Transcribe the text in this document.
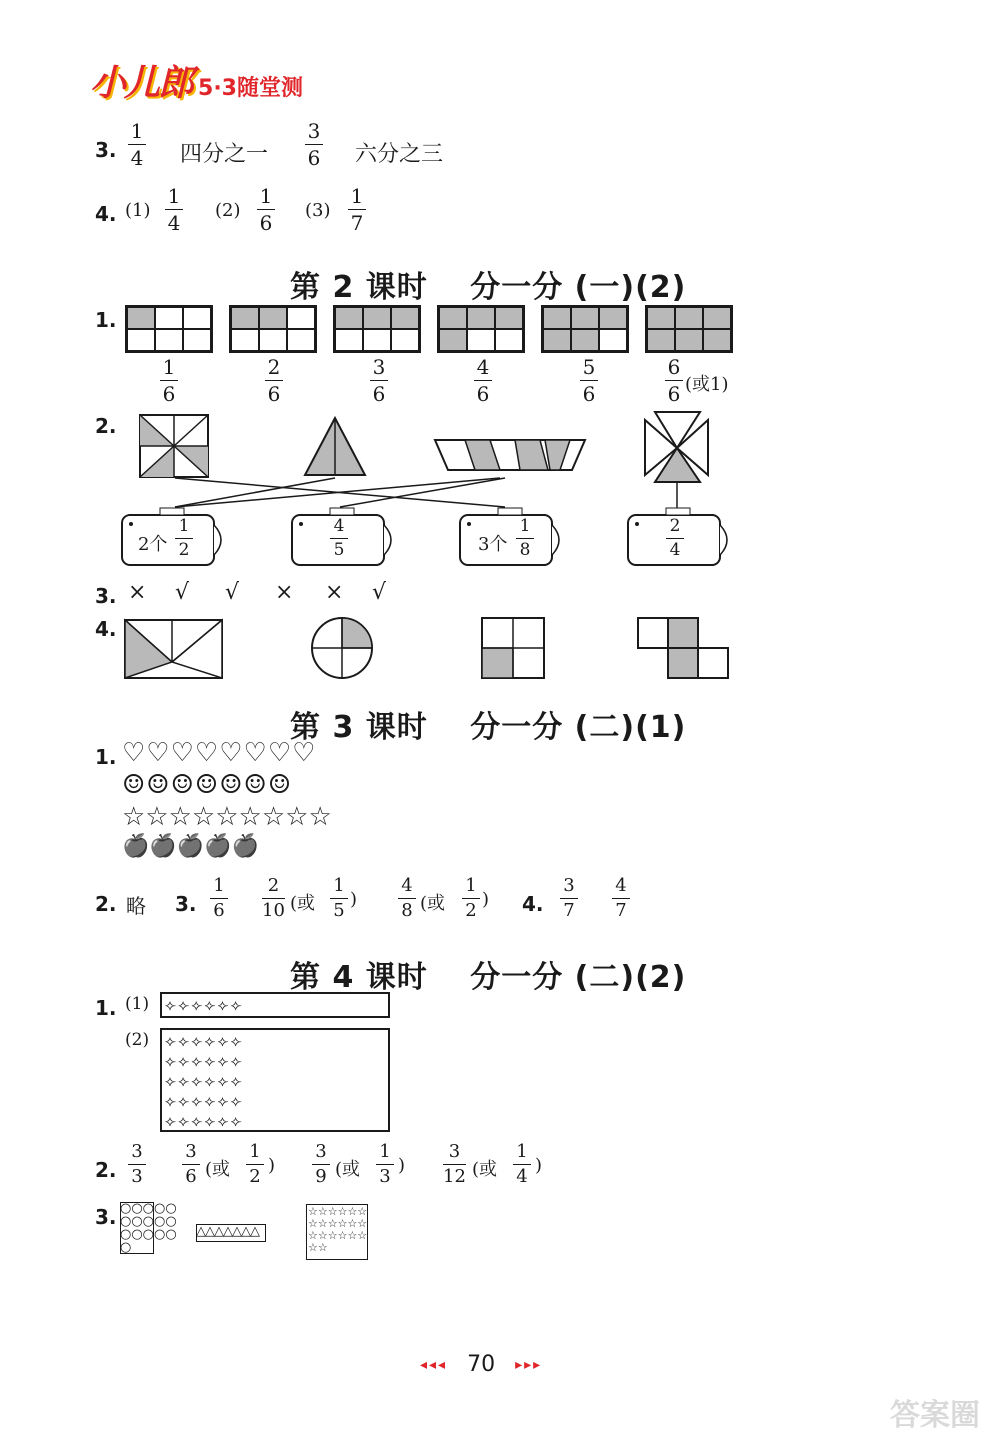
小儿郎 5·3随堂测
3.
1
4 四分之一
3
6 六分之三
4. (1)
1
4
(2)
1
6
(3)
1
7
第 2 课时　 分一分 (一)(2)
1.
1
6
2
6
3
6
4
6
5
6
6
6 (或1)
2.
2个
1
2
4
5	3个
1
8
2
4
3. × √ √ × × √
4.
第 3 课时　 分一分 (二)(1)
1. ♡♡♡♡♡♡♡♡
☺☺☺☺☺☺☺
☆☆☆☆☆☆☆☆☆
🍎🍎🍎🍎🍎
2. 略 3.
1
6
2
10 (或
1
5
)
4
8 (或
1
2
) 4.
3
7
4
7
第 4 课时　 分一分 (二)(2)
1. (1) ⟣⟣⟣⟣⟣⟣
(2) ⟣⟣⟣⟣⟣⟣
⟣⟣⟣⟣⟣⟣
⟣⟣⟣⟣⟣⟣
⟣⟣⟣⟣⟣⟣
⟣⟣⟣⟣⟣⟣
2.
3
3
3
6 (或
1
2
)
3
9 (或
1
3
)
3
12 (或
1
4
)
3. ○○○○○○○○○○○○○○○○
△△△△△△△
☆☆☆☆☆☆☆☆☆☆☆☆☆☆☆☆☆☆☆☆
◂◂◂ 70 ▸▸▸
答案圈
